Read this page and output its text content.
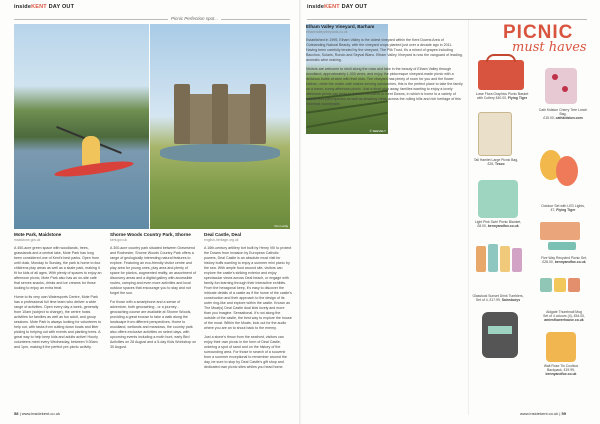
insideKENT DAY OUT
Picnic Perfection spot...
insideKENT DAY OUT
Kim Lardy
© SEEVELY
Mote Park, Maidstone
maidstone.gov.uk

A 450-acre green space with woodlands, trees, grasslands and a central lake, Mote Park has long been considered one of Kent's best parks. Open from until dusk, Monday to Sunday, the park is home to four childrens play areas as well as a skate park, making it fit for kids of all ages. With plenty of spaces to enjoy an afternoon picnic, Mote Park also has an on-site café that serves snacks, drinks and ice creams for those looking to enjoy an extra treat.

Home to its very own Watersports Centre, Mote Park has a professional full time team who deliver a wide range of activities. Open every day a week, generally from 10am (subject to change), the centre hosts activities for families as well as fun adult, and group sessions. Mote Park is always looking for volunteers to help out, with tasks from cutting down boats and litter picking to helping out with events and planting trees. A great way to help keep kids and adults active! Hourly volunteers meet every Wednesday, between 9:30am and 1pm, making it the perfect pre-picnic activity.

Shorne Woods Country Park, Shorne
kent.gov.uk

A 300-acre country park situated between Gravesend and Rochester, Shorne Woods Country Park offers a range of geologically interesting natural features to explore. Featuring an eco-friendly visitor centre and play area for young ones, play area and plenty of space for picnics, augmented reality, an assortment of discovery areas and a digital gallery with accessible routes, camping and even more activities and local outdoor spaces that encourage you to stay and not forget the sun.

For those with a smartphone and a sense of adventure, both geocaching - or a journey - geocaching course are available at Shorne Woods, providing a great excuse to take a walk along the landscape from different perspectives. Home to woodland, wetlands and meadows, the country park also offers exclusive activities on select days, with upcoming events including a moth hunt, early Bird Activities on 28 August and a 5-day Kids Workshop on 30 August.

Deal Castle, Deal
english-heritage.org.uk

A 16th-century artillery fort built by Henry VIII to protect the Downs from invasion by European Catholic powers, Deal Castle is an absolute must visit for history buffs wanting to enjoy a summer mini picnic by the sea. With ample food around site, visitors can explore the castle's striking exterior and enjoy spectacular views across Deal beach, or engage with family-fun learning through their interactive exhibits. From the hexagonal keep, it's easy to discover the intricate details of a castle as if the home of the castle's construction and their approach to the design of its outer ring-like and explore within the castle. Known as The Moat(s) Deal Castle dual kids lovely and more than you imagine. Sensational. It's not along the outside of the castle, the best way to explore the house of the moat. Within the Moats, look out for the audio where you are an to shout back to the enemy.

Just a stone's throw from the seafront, visitors can enjoy their own picnic in the form of Deal Castle, ordering a spot of sand and on the history of the surrounding area. For those in search of a souvenir from a summer exceptional to remember around the day, be sure to stop by Deal Castle's gift shop and dedicated own picnic sites whiles you head home.

Elham Valley Vineyard, Barham
elhamvalleyvineyards.co.uk

Established in 1995, Elham Valley is the oldest vineyard within the Kent Downs Area of Outstanding Natural Beauty, with the vineyard crops planted just over a decade ago in 2011. Having been carefully tended by the vineyard, The Pilk Trust, it's a mixed of grapes including Bacchus, Solaris, Rondo and Seyval Blanc. Elham Valley Vineyard is now the vanguard of leading, aromatic wine making.

Visitors are welcome to stroll along the rows and take in the beauty of Elham Valley through woodland, approximately 1,000 vines, and enjoy the picturesque vineyard-made picnic with a delicious bottle of wine with their kids, The vineyard has plenty of room for you and the flower kitchen, while the onsite café makes serving sandwiches, this is the perfect place to take the family on a warm, sunny afternoon picnic. Just a short stop away, families wanting to enjoy a lovely afternoon picnic can head to Ashford Orchards or Kent Downs, in which is home to a variety of wildlife and plant species as well as amazing views across the rolling hills and rich heritage of this historical countryside.

PICNIC
must haves
Lowe Flora Graphics Picnic Basket
with Cutlery £40.00, Flying Tiger
Cath Kidston Cherry Tree Lunch Bag,
£15.00, cathkidston.com
Tall Hamlet Large Picnic Bag,
£25, Tesco
Outdoor Set with LED Lights,
£7, Flying Tiger
Light Pink Swirl Picnic Blanket,
£8.00, bennyandfox.co.uk
Five Way Recycled Picnic Set,
£28.00, bennyandfox.co.uk
Glasslook Sunset Drink Tumblers,
Set of 4, £17.99, Sainsburys
Aldgate Thumbnail Mug
Set of 4 colours (4), £54.00, amiesflowerhouse.co.uk
Wait Rose Tin Coolbox
Backpack, £19.99, bennyandfox.co.uk
58 | www.insidekent.co.uk	www.insidekent.co.uk | 59
